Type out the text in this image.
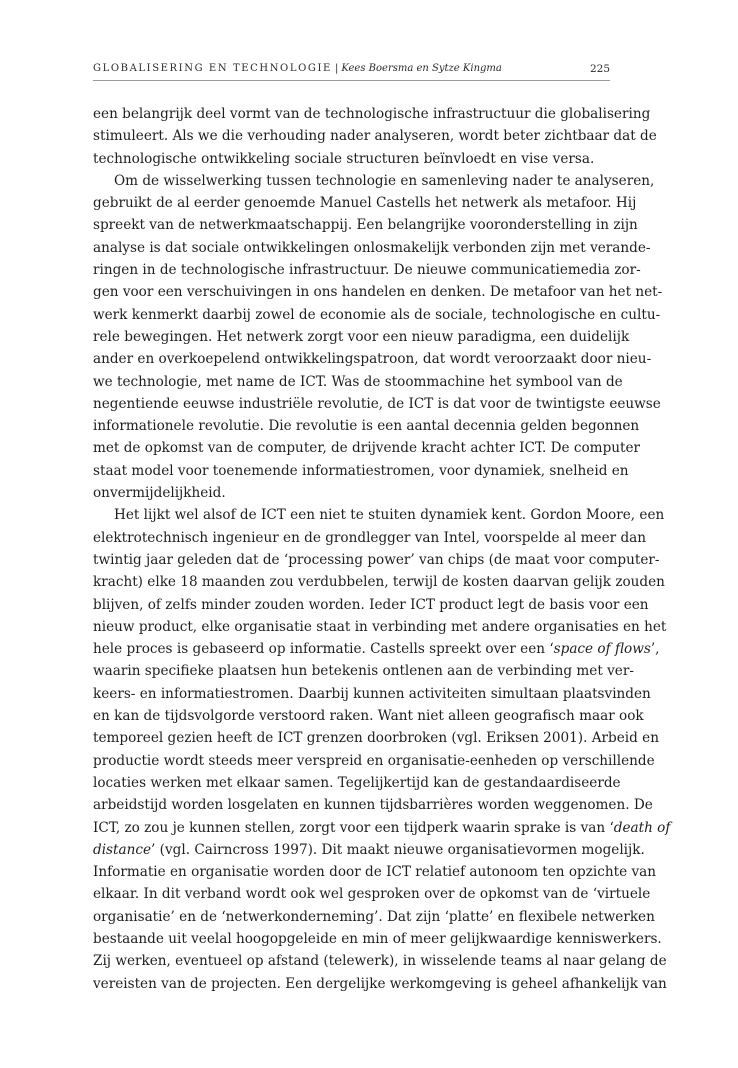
GLOBALISERING EN TECHNOLOGIE | Kees Boersma en Sytze Kingma	225
een belangrijk deel vormt van de technologische infrastructuur die globalisering
stimuleert. Als we die verhouding nader analyseren, wordt beter zichtbaar dat de
technologische ontwikkeling sociale structuren beïnvloedt en vise versa.
Om de wisselwerking tussen technologie en samenleving nader te analyseren,
gebruikt de al eerder genoemde Manuel Castells het netwerk als metafoor. Hij
spreekt van de netwerkmaatschappij. Een belangrijke vooronderstelling in zijn
analyse is dat sociale ontwikkelingen onlosmakelijk verbonden zijn met verande-
ringen in de technologische infrastructuur. De nieuwe communicatiemedia zor-
gen voor een verschuivingen in ons handelen en denken. De metafoor van het net-
werk kenmerkt daarbij zowel de economie als de sociale, technologische en cultu-
rele bewegingen. Het netwerk zorgt voor een nieuw paradigma, een duidelijk
ander en overkoepelend ontwikkelingspatroon, dat wordt veroorzaakt door nieu-
we technologie, met name de ICT. Was de stoommachine het symbool van de
negentiende eeuwse industriële revolutie, de ICT is dat voor de twintigste eeuwse
informationele revolutie. Die revolutie is een aantal decennia gelden begonnen
met de opkomst van de computer, de drijvende kracht achter ICT. De computer
staat model voor toenemende informatiestromen, voor dynamiek, snelheid en
onvermijdelijkheid.
Het lijkt wel alsof de ICT een niet te stuiten dynamiek kent. Gordon Moore, een
elektrotechnisch ingenieur en de grondlegger van Intel, voorspelde al meer dan
twintig jaar geleden dat de ‘processing power’ van chips (de maat voor computer-
kracht) elke 18 maanden zou verdubbelen, terwijl de kosten daarvan gelijk zouden
blijven, of zelfs minder zouden worden. Ieder ICT product legt de basis voor een
nieuw product, elke organisatie staat in verbinding met andere organisaties en het
hele proces is gebaseerd op informatie. Castells spreekt over een ‘space of flows’,
waarin specifieke plaatsen hun betekenis ontlenen aan de verbinding met ver-
keers- en informatiestromen. Daarbij kunnen activiteiten simultaan plaatsvinden
en kan de tijdsvolgorde verstoord raken. Want niet alleen geografisch maar ook
temporeel gezien heeft de ICT grenzen doorbroken (vgl. Eriksen 2001). Arbeid en
productie wordt steeds meer verspreid en organisatie-eenheden op verschillende
locaties werken met elkaar samen. Tegelijkertijd kan de gestandaardiseerde
arbeidstijd worden losgelaten en kunnen tijdsbarrières worden weggenomen. De
ICT, zo zou je kunnen stellen, zorgt voor een tijdperk waarin sprake is van ‘death of
distance’ (vgl. Cairncross 1997). Dit maakt nieuwe organisatievormen mogelijk.
Informatie en organisatie worden door de ICT relatief autonoom ten opzichte van
elkaar. In dit verband wordt ook wel gesproken over de opkomst van de ‘virtuele
organisatie’ en de ‘netwerkonderneming’. Dat zijn ‘platte’ en flexibele netwerken
bestaande uit veelal hoogopgeleide en min of meer gelijkwaardige kenniswerkers.
Zij werken, eventueel op afstand (telewerk), in wisselende teams al naar gelang de
vereisten van de projecten. Een dergelijke werkomgeving is geheel afhankelijk van
